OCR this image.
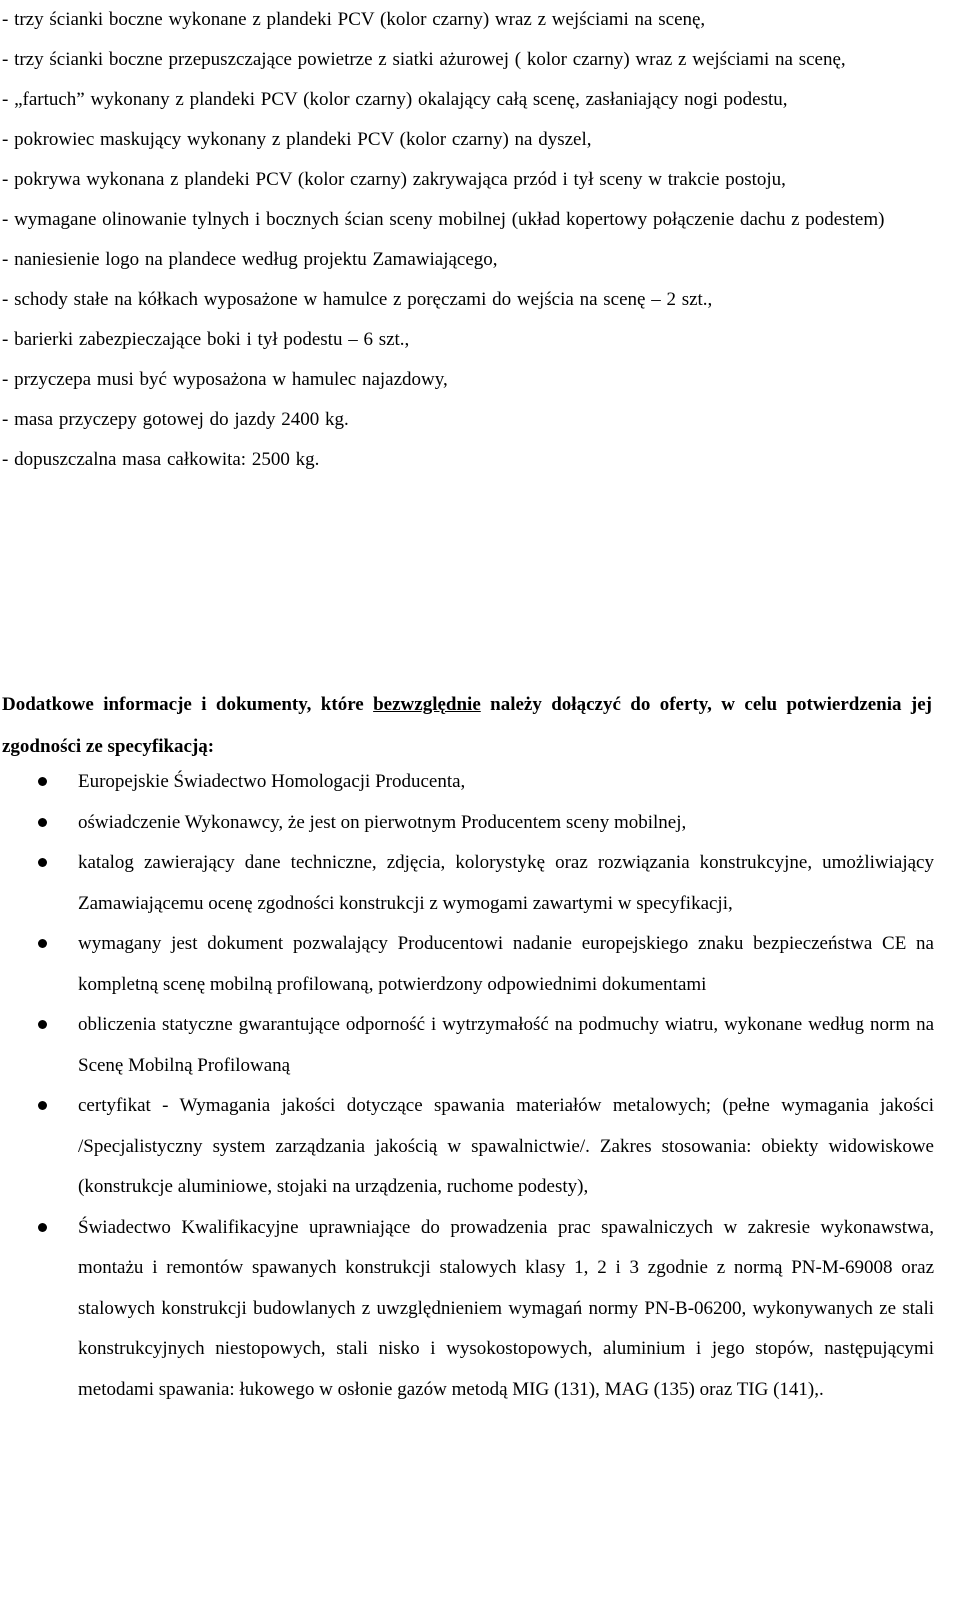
- trzy ścianki boczne wykonane z plandeki PCV (kolor czarny) wraz z wejściami na scenę,
- trzy ścianki boczne przepuszczające powietrze z siatki ażurowej ( kolor czarny) wraz z wejściami na scenę,
- „fartuch” wykonany z plandeki PCV (kolor czarny) okalający całą scenę, zasłaniający nogi podestu,
- pokrowiec maskujący wykonany z plandeki PCV (kolor czarny) na dyszel,
- pokrywa wykonana z plandeki PCV (kolor czarny) zakrywająca przód i tył sceny w trakcie postoju,
- wymagane olinowanie tylnych i bocznych ścian sceny mobilnej (układ kopertowy połączenie dachu z podestem)
- naniesienie logo na plandece według projektu Zamawiającego,
- schody stałe na kółkach wyposażone w hamulce z poręczami do wejścia na scenę – 2 szt.,
- barierki zabezpieczające boki i tył podestu – 6 szt.,
- przyczepa musi być wyposażona w hamulec najazdowy,
- masa przyczepy gotowej do jazdy 2400 kg.
- dopuszczalna masa całkowita: 2500 kg.

Dodatkowe informacje i dokumenty, które bezwzględnie należy dołączyć do oferty, w celu potwierdzenia jej zgodności ze specyfikacją:

Europejskie Świadectwo Homologacji Producenta,
oświadczenie Wykonawcy, że jest on pierwotnym Producentem sceny mobilnej,
katalog zawierający dane techniczne, zdjęcia, kolorystykę oraz rozwiązania konstrukcyjne, umożliwiający Zamawiającemu ocenę zgodności konstrukcji z wymogami zawartymi w specyfikacji,
wymagany jest dokument pozwalający Producentowi nadanie europejskiego znaku bezpieczeństwa CE na kompletną scenę mobilną profilowaną, potwierdzony odpowiednimi dokumentami
obliczenia statyczne gwarantujące odporność i wytrzymałość na podmuchy wiatru, wykonane według norm na Scenę Mobilną Profilowaną
certyfikat - Wymagania jakości dotyczące spawania materiałów metalowych; (pełne wymagania jakości /Specjalistyczny system zarządzania jakością w spawalnictwie/. Zakres stosowania: obiekty widowiskowe (konstrukcje aluminiowe, stojaki na urządzenia, ruchome podesty),
Świadectwo Kwalifikacyjne uprawniające do prowadzenia prac spawalniczych w zakresie wykonawstwa, montażu i remontów spawanych konstrukcji stalowych klasy 1, 2 i 3 zgodnie z normą PN-M-69008 oraz stalowych konstrukcji budowlanych z uwzględnieniem wymagań normy PN-B-06200, wykonywanych ze stali konstrukcyjnych niestopowych, stali nisko i wysokostopowych, aluminium i jego stopów, następującymi metodami spawania: łukowego w osłonie gazów metodą MIG (131), MAG (135) oraz TIG (141),.
